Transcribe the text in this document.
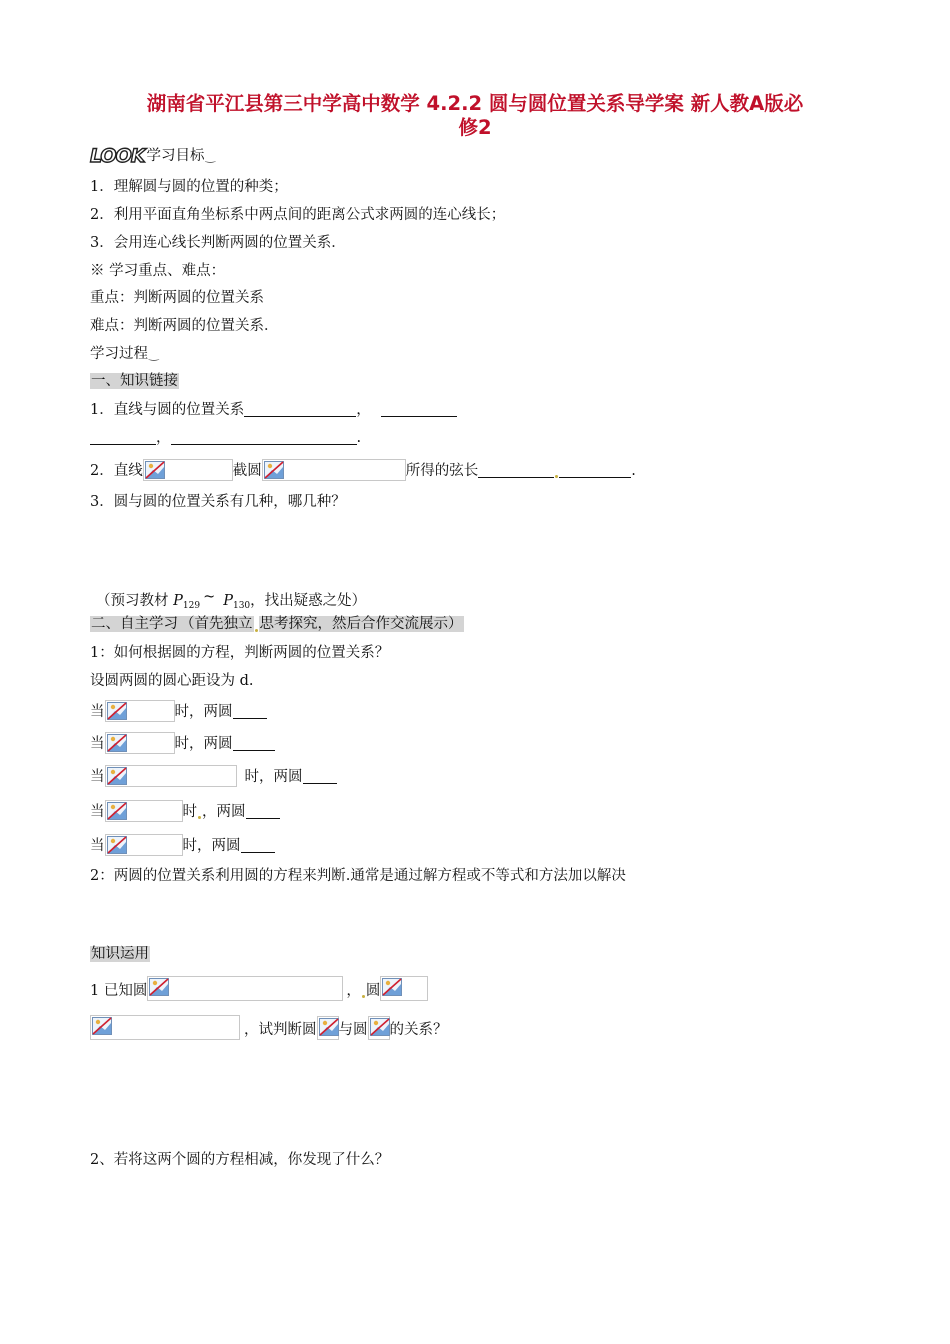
湖南省平江县第三中学高中数学 4.2.2 圆与圆位置关系导学案 新人教A版必
修2
LOOK 学习目标‿
1．理解圆与圆的位置的种类；
2．利用平面直角坐标系中两点间的距离公式求两圆的连心线长；
3．会用连心线长判断两圆的位置关系．
※ 学习重点、难点：
重点：判断两圆的位置关系
难点：判断两圆的位置关系．
学习过程‿
一、知识链接
1．直线与圆的位置关系	，
，	.
2．直线	截圆	所得的弦长	.
3．圆与圆的位置关系有几种，哪几种？
（预习教材 $P_{129}\sim$ $P_{130}$，找出疑惑之处）
二、自主学习 （首先独立 思考探究，然后合作交流展示）
1：如何根据圆的方程，判断两圆的位置关系？
设圆两圆的圆心距设为 d.
当	时，两圆
当	时，两圆
当	时，两圆
当	时 ，两圆
当	时，两圆
2：两圆的位置关系利用圆的方程来判断.通常是通过解方程或不等式和方法加以解决
知识运用
1 已知圆	， 圆
，试判断圆 与圆 的关系？
2、若将这两个圆的方程相减，你发现了什么？
